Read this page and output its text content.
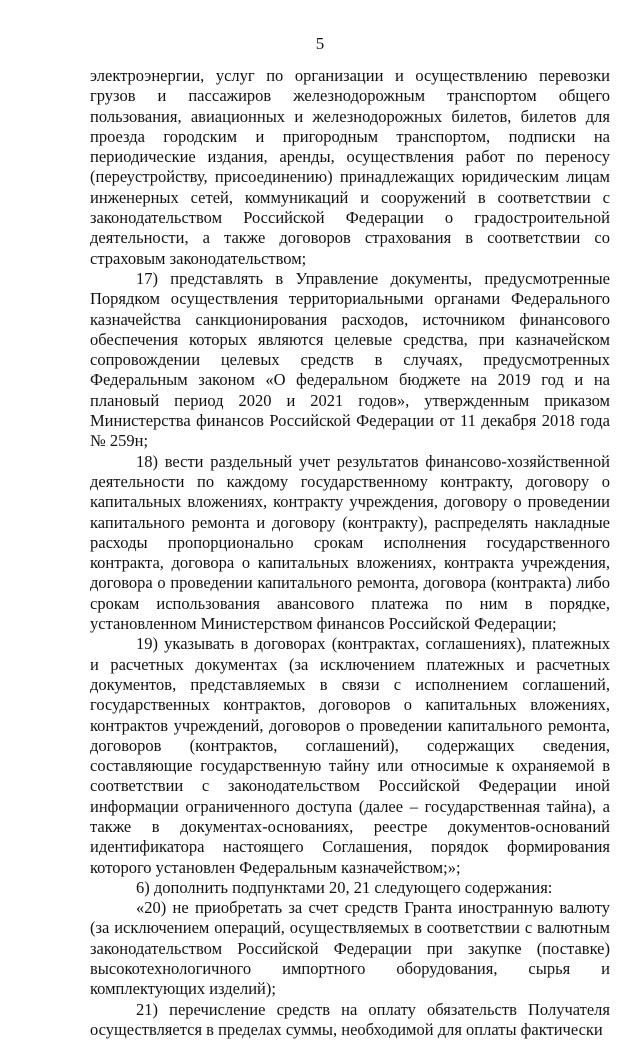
5

электроэнергии, услуг по организации и осуществлению перевозки грузов и пассажиров железнодорожным транспортом общего пользования, авиационных и железнодорожных билетов, билетов для проезда городским и пригородным транспортом, подписки на периодические издания, аренды, осуществления работ по переносу (переустройству, присоединению) принадлежащих юридическим лицам инженерных сетей, коммуникаций и сооружений в соответствии с законодательством Российской Федерации о градостроительной деятельности, а также договоров страхования в соответствии со страховым законодательством;

17) представлять в Управление документы, предусмотренные Порядком осуществления территориальными органами Федерального казначейства санкционирования расходов, источником финансового обеспечения которых являются целевые средства, при казначейском сопровождении целевых средств в случаях, предусмотренных Федеральным законом «О федеральном бюджете на 2019 год и на плановый период 2020 и 2021 годов», утвержденным приказом Министерства финансов Российской Федерации от 11 декабря 2018 года № 259н;

18) вести раздельный учет результатов финансово-хозяйственной деятельности по каждому государственному контракту, договору о капитальных вложениях, контракту учреждения, договору о проведении капитального ремонта и договору (контракту), распределять накладные расходы пропорционально срокам исполнения государственного контракта, договора о капитальных вложениях, контракта учреждения, договора о проведении капитального ремонта, договора (контракта) либо срокам использования авансового платежа по ним в порядке, установленном Министерством финансов Российской Федерации;

19) указывать в договорах (контрактах, соглашениях), платежных и расчетных документах (за исключением платежных и расчетных документов, представляемых в связи с исполнением соглашений, государственных контрактов, договоров о капитальных вложениях, контрактов учреждений, договоров о проведении капитального ремонта, договоров (контрактов, соглашений), содержащих сведения, составляющие государственную тайну или относимые к охраняемой в соответствии с законодательством Российской Федерации иной информации ограниченного доступа (далее – государственная тайна), а также в документах-основаниях, реестре документов-оснований идентификатора настоящего Соглашения, порядок формирования которого установлен Федеральным казначейством;»;

6) дополнить подпунктами 20, 21 следующего содержания:

«20) не приобретать за счет средств Гранта иностранную валюту (за исключением операций, осуществляемых в соответствии с валютным законодательством Российской Федерации при закупке (поставке) высокотехнологичного импортного оборудования, сырья и комплектующих изделий);

21) перечисление средств на оплату обязательств Получателя осуществляется в пределах суммы, необходимой для оплаты фактически
